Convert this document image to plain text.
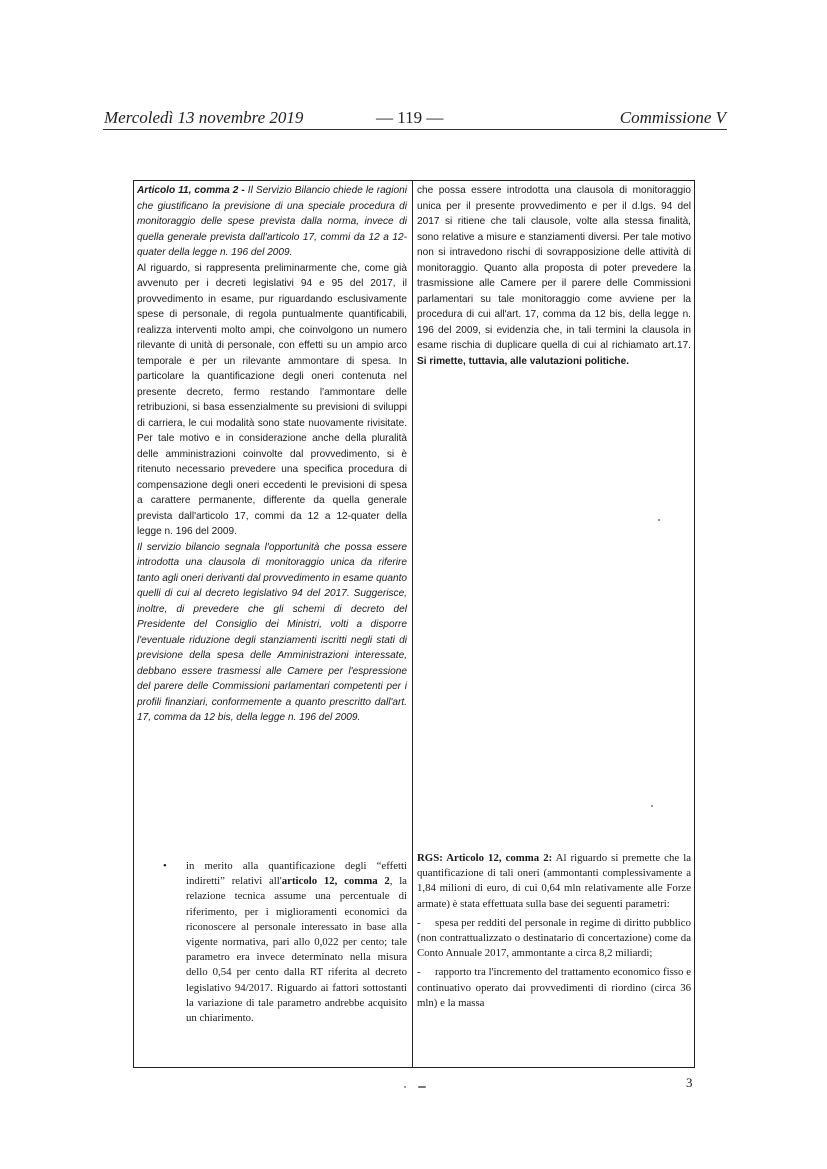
Mercoledì 13 novembre 2019	— 119 —	Commissione V

Articolo 11, comma 2 - Il Servizio Bilancio chiede le ragioni che giustificano la previsione di una speciale procedura di monitoraggio delle spese prevista dalla norma, invece di quella generale prevista dall'articolo 17, commi da 12 a 12-quater della legge n. 196 del 2009.

Al riguardo, si rappresenta preliminarmente che, come già avvenuto per i decreti legislativi 94 e 95 del 2017, il provvedimento in esame, pur riguardando esclusivamente spese di personale, di regola puntualmente quantificabili, realizza interventi molto ampi, che coinvolgono un numero rilevante di unità di personale, con effetti su un ampio arco temporale e per un rilevante ammontare di spesa. In particolare la quantificazione degli oneri contenuta nel presente decreto, fermo restando l'ammontare delle retribuzioni, si basa essenzialmente su previsioni di sviluppi di carriera, le cui modalità sono state nuovamente rivisitate. Per tale motivo e in considerazione anche della pluralità delle amministrazioni coinvolte dal provvedimento, si è ritenuto necessario prevedere una specifica procedura di compensazione degli oneri eccedenti le previsioni di spesa a carattere permanente, differente da quella generale prevista dall'articolo 17, commi da 12 a 12-quater della legge n. 196 del 2009.

Il servizio bilancio segnala l'opportunità che possa essere introdotta una clausola di monitoraggio unica da riferire tanto agli oneri derivanti dal provvedimento in esame quanto quelli di cui al decreto legislativo 94 del 2017. Suggerisce, inoltre, di prevedere che gli schemi di decreto del Presidente del Consiglio dei Ministri, volti a disporre l'eventuale riduzione degli stanziamenti iscritti negli stati di previsione della spesa delle Amministrazioni interessate, debbano essere trasmessi alle Camere per l'espressione del parere delle Commissioni parlamentari competenti per i profili finanziari, conformemente a quanto prescritto dall'art. 17, comma da 12 bis, della legge n. 196 del 2009.

• in merito alla quantificazione degli “effetti indiretti” relativi all'articolo 12, comma 2, la relazione tecnica assume una percentuale di riferimento, per i miglioramenti economici da riconoscere al personale interessato in base alla vigente normativa, pari allo 0,022 per cento; tale parametro era invece determinato nella misura dello 0,54 per cento dalla RT riferita al decreto legislativo 94/2017. Riguardo ai fattori sottostanti la variazione di tale parametro andrebbe acquisito un chiarimento.

che possa essere introdotta una clausola di monitoraggio unica per il presente provvedimento e per il d.lgs. 94 del 2017 si ritiene che tali clausole, volte alla stessa finalità, sono relative a misure e stanziamenti diversi. Per tale motivo non si intravedono rischi di sovrapposizione delle attività di monitoraggio. Quanto alla proposta di poter prevedere la trasmissione alle Camere per il parere delle Commissioni parlamentari su tale monitoraggio come avviene per la procedura di cui all'art. 17, comma da 12 bis, della legge n. 196 del 2009, si evidenzia che, in tali termini la clausola in esame rischia di duplicare quella di cui al richiamato art.17. Si rimette, tuttavia, alle valutazioni politiche.

RGS: Articolo 12, comma 2: Al riguardo si premette che la quantificazione di tali oneri (ammontanti complessivamente a 1,84 milioni di euro, di cui 0,64 mln relativamente alle Forze armate) è stata effettuata sulla base dei seguenti parametri:

- spesa per redditi del personale in regime di diritto pubblico (non contrattualizzato o destinatario di concertazione) come da Conto Annuale 2017, ammontante a circa 8,2 miliardi;

- rapporto tra l'incremento del trattamento economico fisso e continuativo operato dai provvedimenti di riordino (circa 36 mln) e la massa

3
